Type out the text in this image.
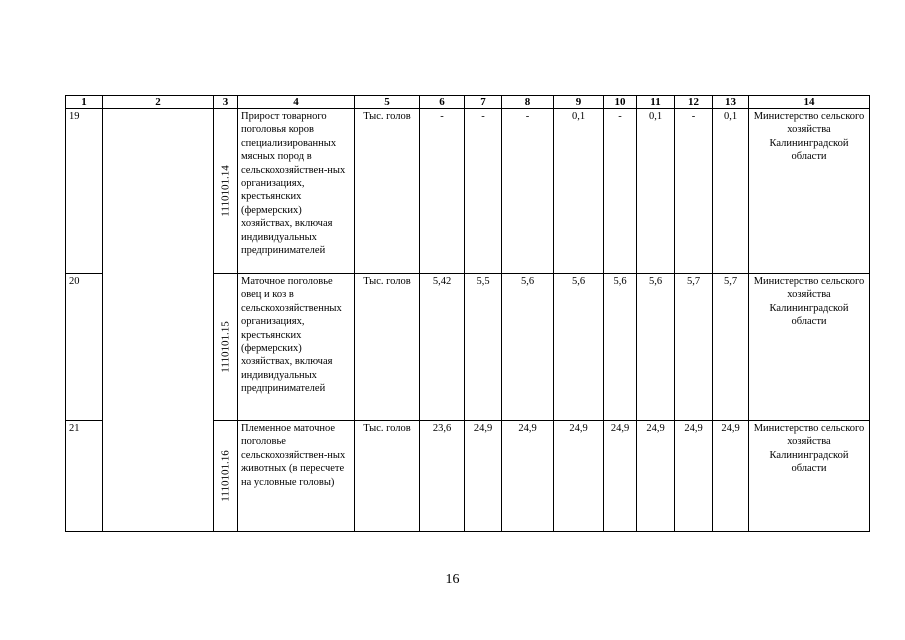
1	2	3	4	5	6	7	8	9	10	11	12	13	14
19		1110101.14	Прирост товарного поголовья коров специализированных мясных пород в сельскохозяйствен-ных организациях, крестьянских (фермерских) хозяйствах, включая индивидуальных предпринимателей	Тыс. голов	-	-	-	0,1	-	0,1	-	0,1	Министерство сельского хозяйства Калининградской области
20		1110101.15	Маточное поголовье овец и коз в сельскохозяйственных организациях, крестьянских (фермерских) хозяйствах, включая индивидуальных предпринимателей	Тыс. голов	5,42	5,5	5,6	5,6	5,6	5,6	5,7	5,7	Министерство сельского хозяйства Калининградской области
21		1110101.16	Племенное маточное поголовье сельскохозяйствен-ных животных (в пересчете на условные головы)	Тыс. голов	23,6	24,9	24,9	24,9	24,9	24,9	24,9	24,9	Министерство сельского хозяйства Калининградской области
16
